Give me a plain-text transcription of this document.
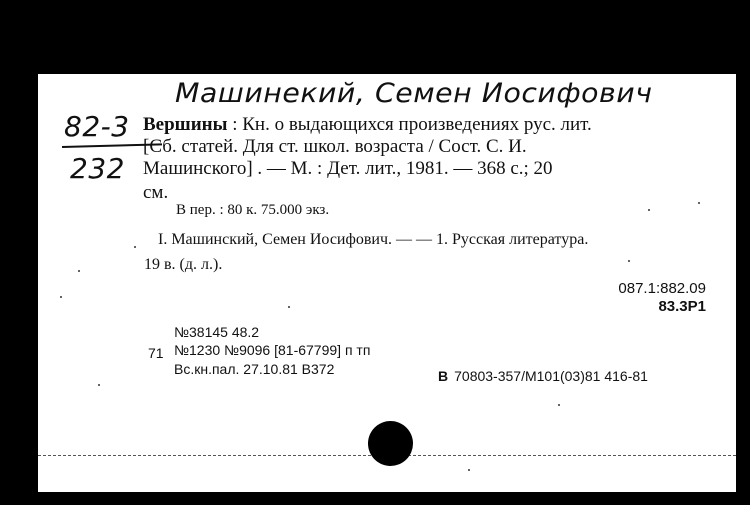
Машинекий, Семен Иосифович
82-3
232
Вершины : Кн. о выдающихся произведениях рус. лит.
[Сб. статей. Для ст. школ. возраста / Сост. С. И.
Машинского] . — М. : Дет. лит., 1981. — 368 с.; 20
см.
В пер. : 80 к. 75.000 экз.
I. Машинский, Семен Иосифович. — — 1. Русская литература.
19 в. (д. л.).
087.1:882.09
83.3Р1
№38145 48.2
71 №1230 №9096 [81-67799] п тп
Вс.кн.пал. 27.10.81 В372	В 70803-357/М101(03)81 416-81
